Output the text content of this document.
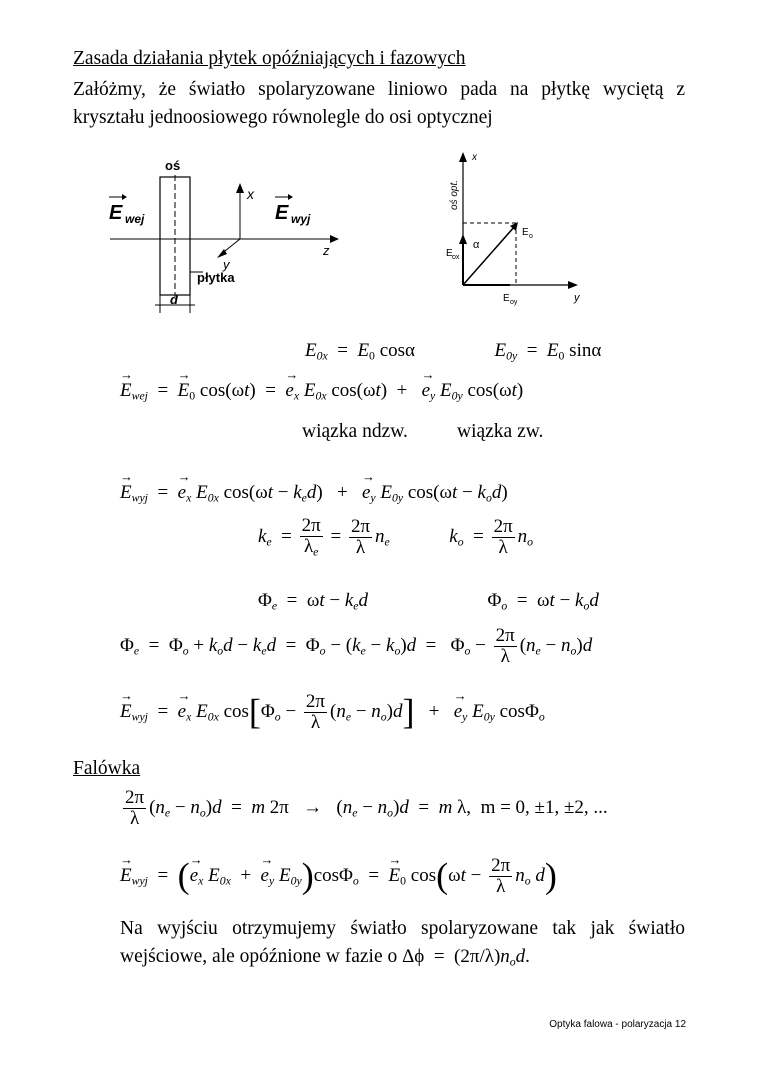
Zasada działania płytek opóźniających i fazowych
Załóżmy, że światło spolaryzowane liniowo pada na płytkę wyciętą z kryształu jednoosiowego równolegle do osi optycznej
oś
x
y
z
płytka
d
E wej	E wyj
x
oś opt.
E o
E ox
α
E oy	y
$E_{0x} = E_0$ cosα	$E_{0y} = E_0$ sinα
→ $E_{wej}$  =  → $E_0$ cos(ωt)  =  → $e_x$ $E_{0x}$ cos(ωt)  +   → $e_y$ $E_{0y}$ cos(ωt)
wiązka ndzw.	wiązka zw.
→ $E_{wyj}$  =  → $e_x$ $E_{0x}$ $\cos(\omega t - k_ed)$   +   → $e_y$ $E_{0y}$ $\cos(\omega t - k_od)$
$k_e = \frac{2\pi}{\lambda_e} = \frac{2\pi}{\lambda} n_e$	$k_o = \frac{2\pi}{\lambda} n_o$
$\Phi_e = \omega t - k_ed$	$\Phi_o = \omega t - k_od$
$\Phi_e = \Phi_o + k_od - k_ed = \Phi_o - (k_e - k_o)d = \Phi_o - \frac{2\pi}{\lambda} (n_e - n_o)d$
→ $E_{wyj}$  =  → $e_x$ $E_{0x}$ $\cos[\Phi_o - \frac{2\pi}{\lambda} (n_e - n_o)d]$   +   → $e_y$ $E_{0y}$ cosΦ$_o$
Falówka
$\frac{2\pi}{\lambda} (n_e - n_o)d = m$ $2\pi \to (n_e - n_o)d = m$ λ,  m = 0, ±1, ±2, ...
→ $E_{wyj}$  =  (→ $e_x$ $E_{0x}$  +  → $e_y$ $E_{0y})\cos\Phi_o$  =  → $E_0$ $\cos(\omega t - \frac{2\pi}{\lambda} n_o$ d)
Na wyjściu otrzymujemy światło spolaryzowane tak jak światło
wejściowe, ale opóźnione w fazie o $\Delta\phi = (2\pi/\lambda)n_od$.
Optyka falowa - polaryzacja 12
